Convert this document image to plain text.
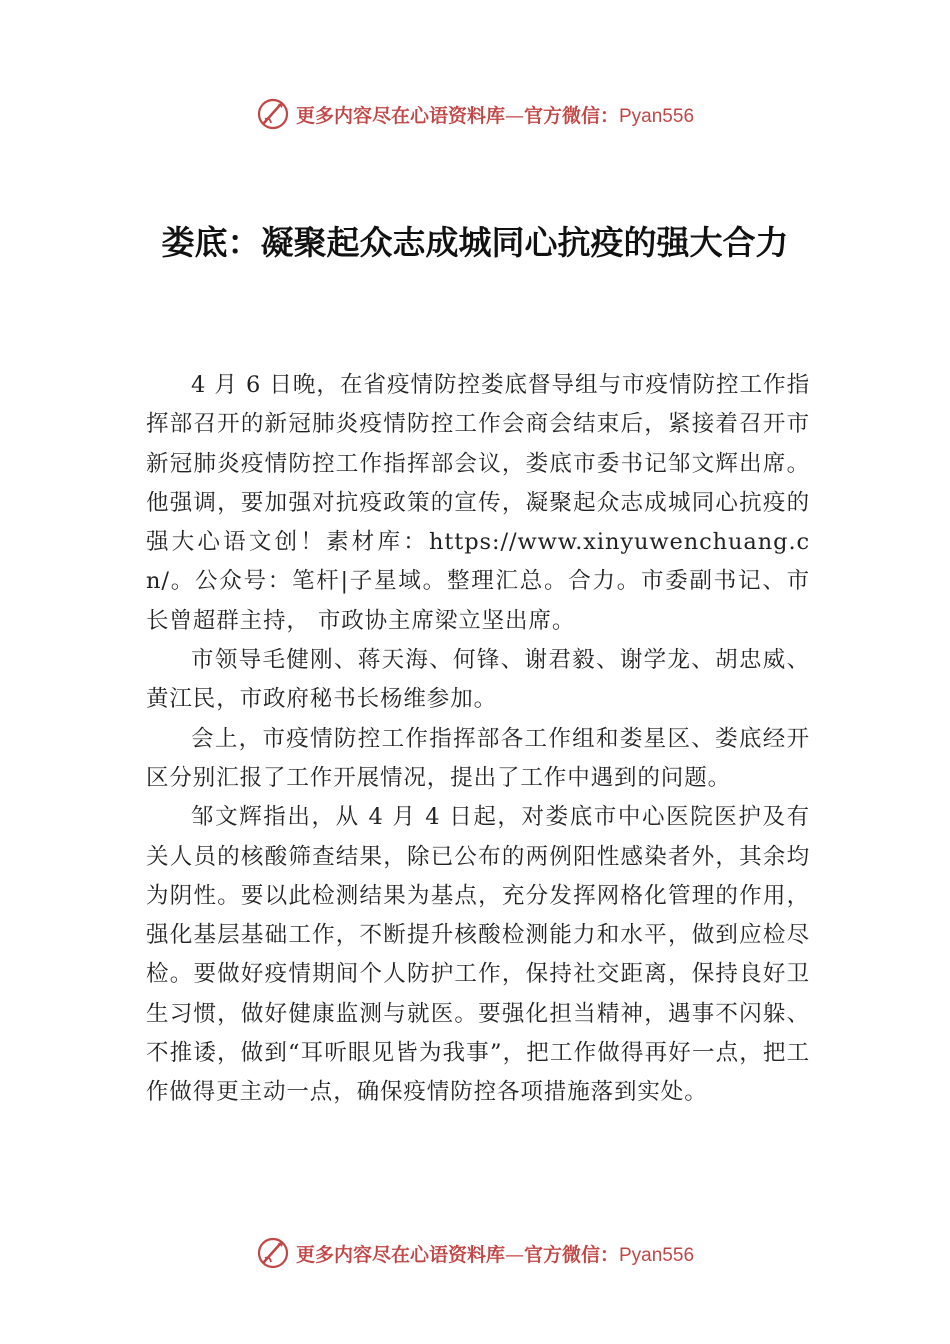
更多内容尽在心语资料库—官方微信：Pyan556
娄底：凝聚起众志成城同心抗疫的强大合力

4 月 6 日晚，在省疫情防控娄底督导组与市疫情防控工作指挥部召开的新冠肺炎疫情防控工作会商会结束后，紧接着召开市新冠肺炎疫情防控工作指挥部会议，娄底市委书记邹文辉出席。他强调，要加强对抗疫政策的宣传，凝聚起众志成城同心抗疫的强大心语文创！素材库：https://www.xinyuwenchuang.cn/。公众号：笔杆|子星域。整理汇总。合力。市委副书记、市长曾超群主持， 市政协主席梁立坚出席。

市领导毛健刚、蒋天海、何锋、谢君毅、谢学龙、胡忠威、黄江民，市政府秘书长杨维参加。

会上，市疫情防控工作指挥部各工作组和娄星区、娄底经开区分别汇报了工作开展情况，提出了工作中遇到的问题。

邹文辉指出，从 4 月 4 日起，对娄底市中心医院医护及有关人员的核酸筛查结果，除已公布的两例阳性感染者外，其余均为阴性。要以此检测结果为基点，充分发挥网格化管理的作用，强化基层基础工作，不断提升核酸检测能力和水平，做到应检尽检。要做好疫情期间个人防护工作，保持社交距离，保持良好卫生习惯，做好健康监测与就医。要强化担当精神，遇事不闪躲、不推诿，做到“耳听眼见皆为我事”，把工作做得再好一点，把工作做得更主动一点，确保疫情防控各项措施落到实处。

更多内容尽在心语资料库—官方微信：Pyan556
